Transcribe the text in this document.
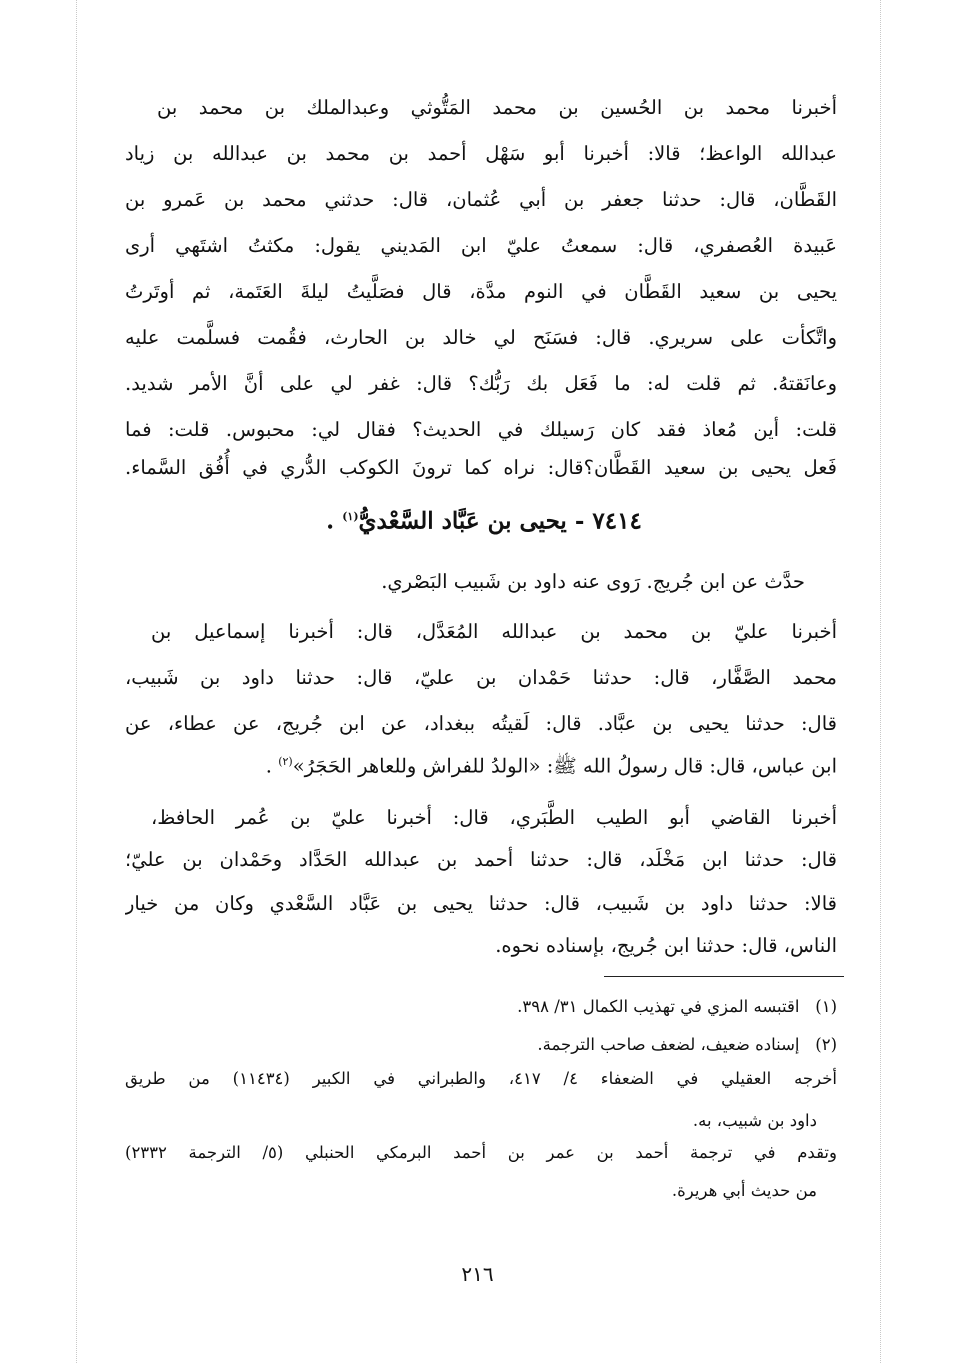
أخبرنا محمد بن الحُسين بن محمد المَتُّوثي وعبدالملك بن محمد بن
عبدالله الواعظ؛ قالا: أخبرنا أبو سَهْل أحمد بن محمد بن عبدالله بن زياد
القَطَّان، قال: حدثنا جعفر بن أبي عُثمان، قال: حدثني محمد بن عَمرو بن
عَبيدة العُصفري، قال: سمعتُ عليّ ابن المَديني يقول: مكثتُ اشتَهي أرى
يحيى بن سعيد القَطَّان في النوم مدَّة، قال فصَلَّيتُ ليلةَ العَتَمة، ثم أوتَرتُ
واتَّكأت على سريري. قال: فسَنَح لي خالد بن الحارث، فقُمت فسلَّمت عليه
وعانَقتهُ. ثم قلت له: ما فَعَل بك رَبُّك؟ قال: غفر لي على أنَّ الأمر شديد.
قلت: أين مُعاذ فقد كان رَسيلك في الحديث؟ فقال لي: محبوس. قلت: فما
فَعل يحيى بن سعيد القَطَّان؟قال: نراه كما ترونَ الكوكب الدُّري في أُفُق السَّماء.
٧٤١٤ - يحيى بن عَبَّاد السَّعْديُّ$^{(١)}$ .
حدَّث عن ابن جُريج. رَوى عنه داود بن شَبيب البَصْري.
أخبرنا عليّ بن محمد بن عبدالله المُعَدَّل، قال: أخبرنا إسماعيل بن
محمد الصَّفَّار، قال: حدثنا حَمْدان بن عليّ، قال: حدثنا داود بن شَبيب،
قال: حدثنا يحيى بن عبَّاد. قال: لَقيتُه ببغداد، عن ابن جُريج، عن عطاء، عن
ابن عباس، قال: قال رسولُ الله ﷺ: «الولدُ للفراش وللعاهر الحَجَرُ»$^{(٢)}$ .
أخبرنا القاضي أبو الطيب الطَّبَري، قال: أخبرنا عليّ بن عُمر الحافظ،
قال: حدثنا ابن مَخْلَد، قال: حدثنا أحمد بن عبدالله الحَدَّاد وحَمْدان بن عليّ؛
قالا: حدثنا داود بن شَبيب، قال: حدثنا يحيى بن عَبَّاد السَّعْدي وكان من خيار
الناس، قال: حدثنا ابن جُريج، بإسناده نحوه.
(١)   اقتبسه المزي في تهذيب الكمال ٣١/ ٣٩٨.
(٢)   إسناده ضعيف، لضعف صاحب الترجمة.
أخرجه العقيلي في الضعفاء ٤/ ٤١٧، والطبراني في الكبير (١١٤٣٤) من طريق
داود بن شبيب، به.
وتقدم في ترجمة أحمد بن عمر بن أحمد البرمكي الحنبلي (٥/ الترجمة ٢٣٣٢)
من حديث أبي هريرة.
٢١٦
